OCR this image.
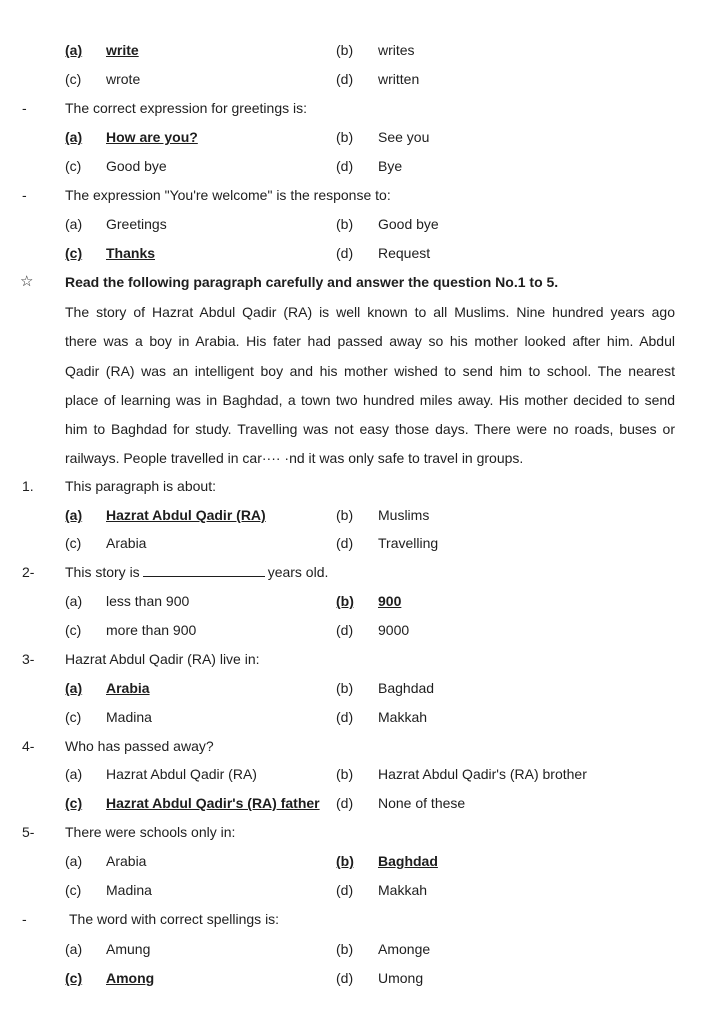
(a) write	(b) writes
(c) wrote	(d) written
-	The correct expression for greetings is:
(a) How are you?	(b) See you
(c) Good bye	(d) Bye
-	The expression "You're welcome" is the response to:
(a) Greetings	(b) Good bye
(c) Thanks	(d) Request
☆ Read the following paragraph carefully and answer the question No.1 to 5.
The story of Hazrat Abdul Qadir (RA) is well known to all Muslims. Nine hundred years ago
there was a boy in Arabia. His fater had passed away so his mother looked after him. Abdul
Qadir (RA) was an intelligent boy and his mother wished to send him to school. The nearest
place of learning was in Baghdad, a town two hundred miles away. His mother decided to send
him to Baghdad for study. Travelling was not easy those days. There were no roads, buses or
railways. People travelled in car···· ·nd it was only safe to travel in groups.
1. This paragraph is about:
(a) Hazrat Abdul Qadir (RA)	(b) Muslims
(c) Arabia	(d) Travelling
2- This story is	years old.
(a) less than 900	(b) 900
(c) more than 900	(d) 9000
3- Hazrat Abdul Qadir (RA) live in:
(a) Arabia	(b) Baghdad
(c) Madina	(d) Makkah
4- Who has passed away?
(a) Hazrat Abdul Qadir (RA)	(b) Hazrat Abdul Qadir's (RA) brother
(c) Hazrat Abdul Qadir's (RA) father (d) None of these
5- There were schools only in:
(a) Arabia	(b) Baghdad
(c) Madina	(d) Makkah
-	The word with correct spellings is:
(a) Amung	(b) Amonge
(c) Among	(d) Umong
